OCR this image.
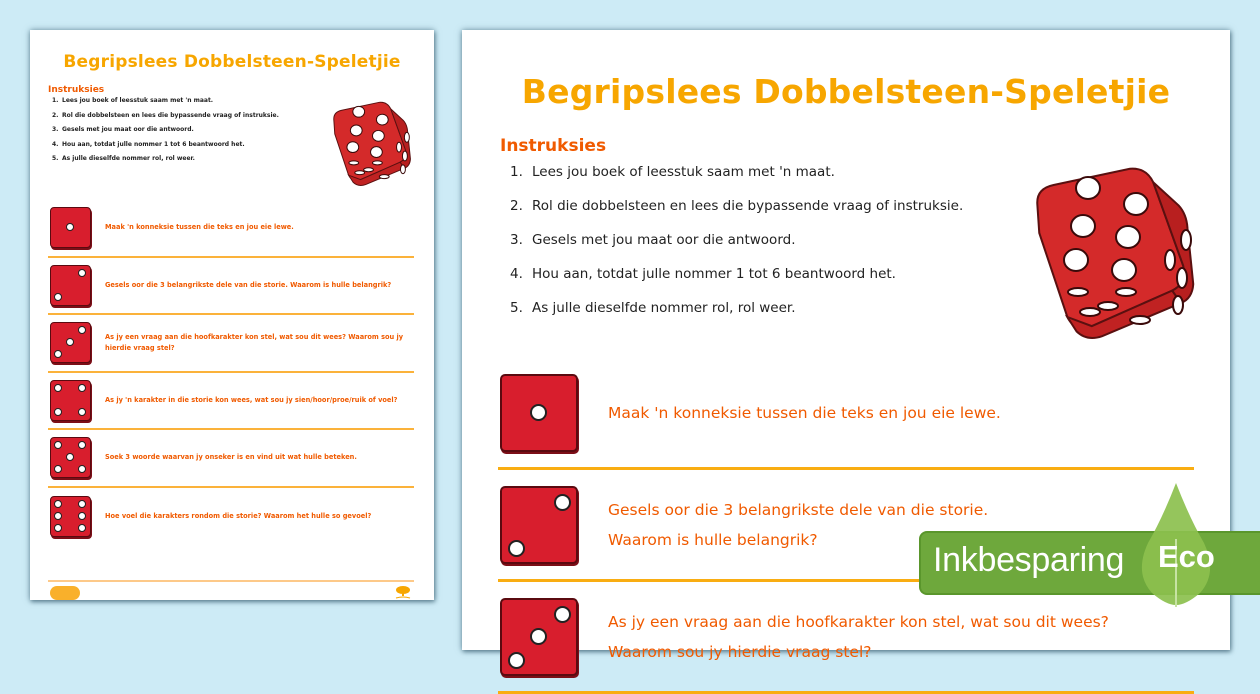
Begripslees Dobbelsteen-Speletjie
Instruksies
1. Lees jou boek of leesstuk saam met 'n maat.
2. Rol die dobbelsteen en lees die bypassende vraag of instruksie.
3. Gesels met jou maat oor die antwoord.
4. Hou aan, totdat julle nommer 1 tot 6 beantwoord het.
5. As julle dieselfde nommer rol, rol weer.
Maak 'n konneksie tussen die teks en jou eie lewe.
Gesels oor die 3 belangrikste dele van die storie. Waarom is hulle belangrik?
As jy een vraag aan die hoofkarakter kon stel, wat sou dit wees? Waarom sou jy hierdie vraag stel?
As jy 'n karakter in die storie kon wees, wat sou jy sien/hoor/proe/ruik of voel?
Soek 3 woorde waarvan jy onseker is en vind uit wat hulle beteken.
Hoe voel die karakters rondom die storie? Waarom het hulle so gevoel?
Begripslees Dobbelsteen-Speletjie
Instruksies
1. Lees jou boek of leesstuk saam met 'n maat.
2. Rol die dobbelsteen en lees die bypassende vraag of instruksie.
3. Gesels met jou maat oor die antwoord.
4. Hou aan, totdat julle nommer 1 tot 6 beantwoord het.
5. As julle dieselfde nommer rol, rol weer.
Maak 'n konneksie tussen die teks en jou eie lewe.
Gesels oor die 3 belangrikste dele van die storie.
Waarom is hulle belangrik?
As jy een vraag aan die hoofkarakter kon stel, wat sou dit wees?
Waarom sou jy hierdie vraag stel?
Inkbesparing Eco
